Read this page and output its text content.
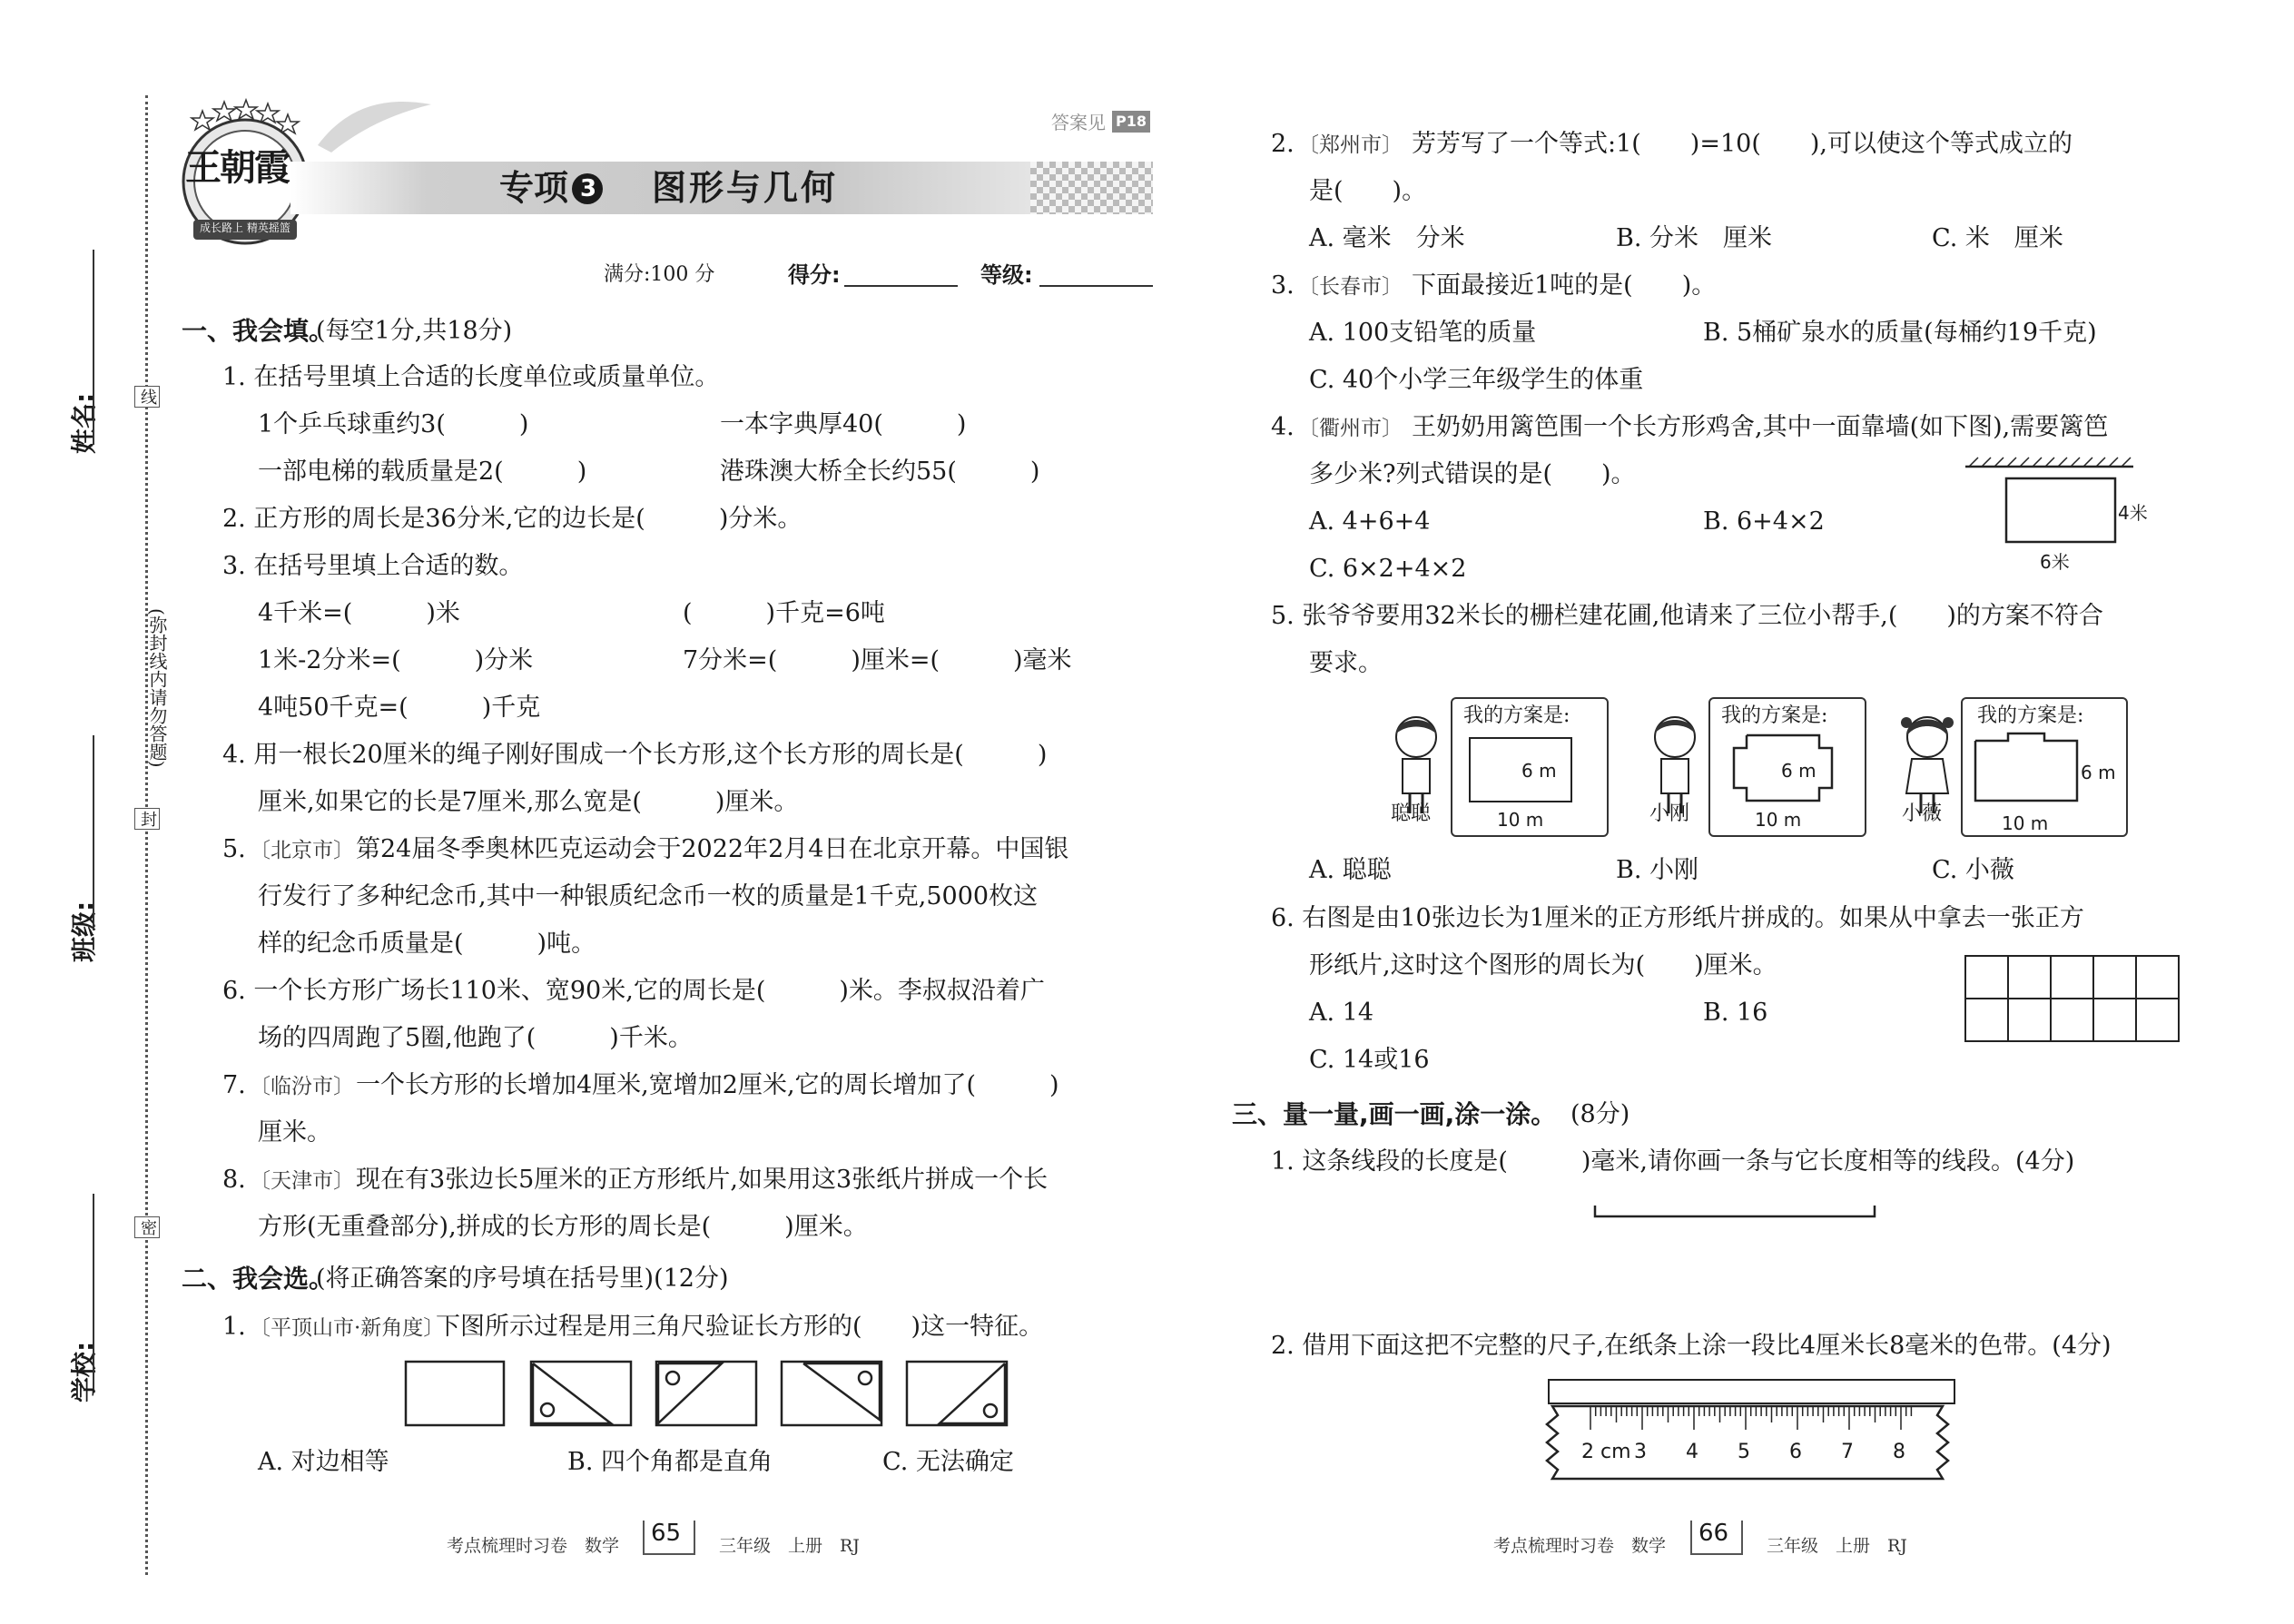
姓名:
班级:
学校:
(弥封线内请勿答题)
线
封
密
王朝霞
成长路上 精英摇篮
专项 3 图形与几何
答案见 P18
满分:100 分	得分:	等级:
一、我会填。
(每空1分,共18分)
1. 在括号里填上合适的长度单位或质量单位。
1个乒乓球重约3(　　　)	一本字典厚40(　　　)
一部电梯的载质量是2(　　　)	港珠澳大桥全长约55(　　　)
2. 正方形的周长是36分米,它的边长是(　　　)分米。
3. 在括号里填上合适的数。
4千米=(　　　)米	(　　　)千克=6吨
1米-2分米=(　　　)分米	7分米=(　　　)厘米=(　　　)毫米
4吨50千克=(　　　)千克
4. 用一根长20厘米的绳子刚好围成一个长方形,这个长方形的周长是(　　　)
厘米,如果它的长是7厘米,那么宽是(　　　)厘米。
5. 〔北京市〕 第24届冬季奥林匹克运动会于2022年2月4日在北京开幕。中国银
行发行了多种纪念币,其中一种银质纪念币一枚的质量是1千克,5000枚这
样的纪念币质量是(　　　)吨。
6. 一个长方形广场长110米、宽90米,它的周长是(　　　)米。李叔叔沿着广
场的四周跑了5圈,他跑了(　　　)千米。
7. 〔临汾市〕 一个长方形的长增加4厘米,宽增加2厘米,它的周长增加了(　　　)
厘米。
8. 〔天津市〕 现在有3张边长5厘米的正方形纸片,如果用这3张纸片拼成一个长
方形(无重叠部分),拼成的长方形的周长是(　　　)厘米。
二、我会选。
(将正确答案的序号填在括号里)(12分)
1. 〔平顶山市·新角度〕
下图所示过程是用三角尺验证长方形的(　　)这一特征。
A. 对边相等	B. 四个角都是直角	C. 无法确定
考点梳理时习卷　数学 65 三年级　上册　RJ
2. 〔郑州市〕 芳芳写了一个等式:1(　　)=10(　　),可以使这个等式成立的
是(　　)。
A. 毫米　分米	B. 分米　厘米	C. 米　厘米
3. 〔长春市〕 下面最接近1吨的是(　　)。
A. 100支铅笔的质量	B. 5桶矿泉水的质量(每桶约19千克)
C. 40个小学三年级学生的体重
4. 〔衢州市〕 王奶奶用篱笆围一个长方形鸡舍,其中一面靠墙(如下图),需要篱笆
多少米?列式错误的是(　　)。
A. 4+6+4	B. 6+4×2
C. 6×2+4×2	6米
4米
5. 张爷爷要用32米长的栅栏建花圃,他请来了三位小帮手,(　　)的方案不符合
要求。
聪聪
我的方案是:
6 m
10 m	小刚
我的方案是:
6 m
10 m	小薇
我的方案是:
6 m
10 m
A. 聪聪	B. 小刚	C. 小薇
6. 右图是由10张边长为1厘米的正方形纸片拼成的。如果从中拿去一张正方
形纸片,这时这个图形的周长为(　　)厘米。
A. 14	B. 16
C. 14或16
三、量一量,画一画,涂一涂。 (8分)
1. 这条线段的长度是(　　　)毫米,请你画一条与它长度相等的线段。(4分)
2. 借用下面这把不完整的尺子,在纸条上涂一段比4厘米长8毫米的色带。(4分)
2 cm 3 4 5 6 7 8
考点梳理时习卷　数学 66 三年级　上册　RJ
